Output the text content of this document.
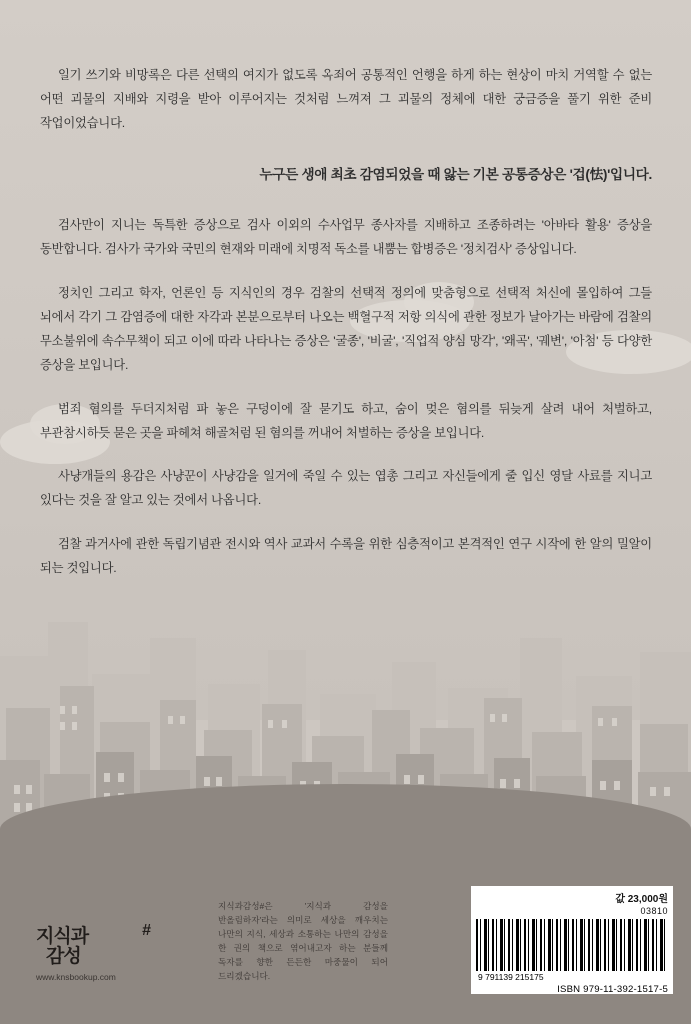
일기 쓰기와 비망록은 다른 선택의 여지가 없도록 옥죄어 공통적인 언행을 하게 하는 현상이 마치 거역할 수 없는 어떤 괴물의 지배와 지령을 받아 이루어지는 것처럼 느껴져 그 괴물의 정체에 대한 궁금증을 풀기 위한 준비 작업이었습니다.

누구든 생애 최초 감염되었을 때 앓는 기본 공통증상은 '겁(怯)'입니다.

검사만이 지니는 독특한 증상으로 검사 이외의 수사업무 종사자를 지배하고 조종하려는 '아바타 활용' 증상을 동반합니다. 검사가 국가와 국민의 현재와 미래에 치명적 독소를 내뿜는 합병증은 '정치검사' 증상입니다.

정치인 그리고 학자, 언론인 등 지식인의 경우 검찰의 선택적 정의에 맞춤형으로 선택적 처신에 몰입하여 그들 뇌에서 각기 그 감염증에 대한 자각과 본분으로부터 나오는 백혈구적 저항 의식에 관한 정보가 날아가는 바람에 검찰의 무소불위에 속수무책이 되고 이에 따라 나타나는 증상은 '굴종', '비굴', '직업적 양심 망각', '왜곡', '궤변', '아첨' 등 다양한 증상을 보입니다.

범죄 혐의를 두더지처럼 파 놓은 구덩이에 잘 묻기도 하고, 숨이 멎은 혐의를 뒤늦게 살려 내어 처벌하고, 부관참시하듯 묻은 곳을 파헤쳐 해골처럼 된 혐의를 꺼내어 처벌하는 증상을 보입니다.

사냥개들의 용감은 사냥꾼이 사냥감을 일거에 죽일 수 있는 엽총 그리고 자신들에게 줄 입신 영달 사료를 지니고 있다는 것을 잘 알고 있는 것에서 나옵니다.

검찰 과거사에 관한 독립기념관 전시와 역사 교과서 수록을 위한 심층적이고 본격적인 연구 시작에 한 알의 밀알이 되는 것입니다.

지식과
감성
#
www.knsbookup.com
지식과감성#은 '지식과 감성을 반올림하자'라는 의미로 세상을 깨우치는 나만의 지식, 세상과 소통하는 나만의 감성을 한 권의 책으로 엮어내고자 하는 분들께 독자를 향한 든든한 마중물이 되어 드리겠습니다.
값 23,000원
03810
9 791139 215175
ISBN 979-11-392-1517-5
